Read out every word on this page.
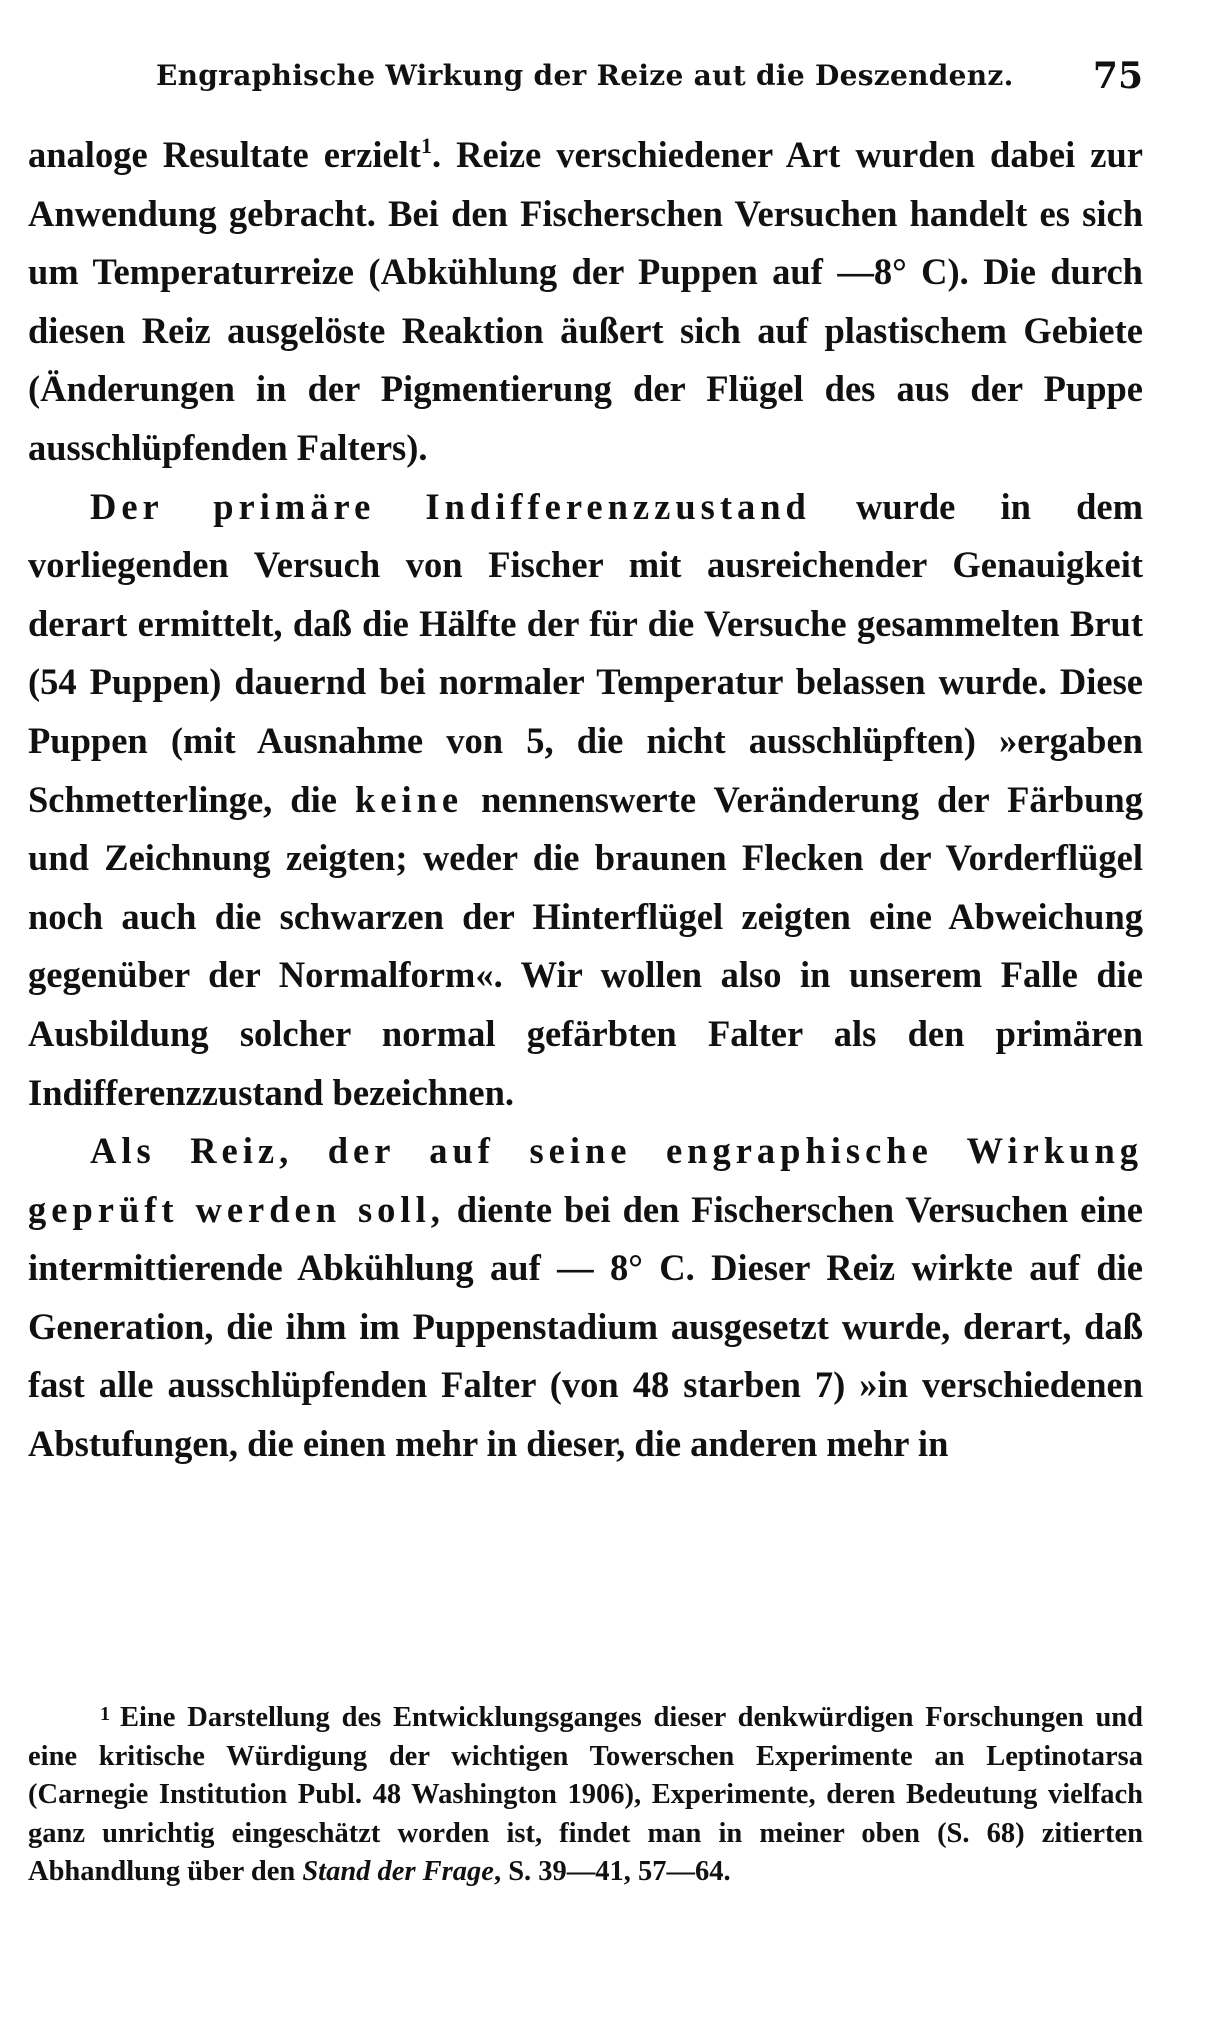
Engraphische Wirkung der Reize aut die Deszendenz. 75

analoge Resultate erzielt$^1$. Reize verschiedener Art wurden dabei zur Anwendung gebracht. Bei den Fischerschen Versuchen handelt es sich um Temperaturreize (Abkühlung der Puppen auf —8° C). Die durch diesen Reiz ausgelöste Reaktion äußert sich auf plastischem Gebiete (Änderungen in der Pigmentierung der Flügel des aus der Puppe ausschlüpfenden Falters).

Der primäre Indifferenzzustand wurde in dem vorliegenden Versuch von Fischer mit ausreichender Genauigkeit derart ermittelt, daß die Hälfte der für die Versuche gesammelten Brut (54 Puppen) dauernd bei normaler Temperatur belassen wurde. Diese Puppen (mit Ausnahme von 5, die nicht ausschlüpften) »ergaben Schmetterlinge, die keine nennenswerte Veränderung der Färbung und Zeichnung zeigten; weder die braunen Flecken der Vorderflügel noch auch die schwarzen der Hinterflügel zeigten eine Abweichung gegenüber der Normalform«. Wir wollen also in unserem Falle die Ausbildung solcher normal gefärbten Falter als den primären Indifferenzzustand bezeichnen.

Als Reiz, der auf seine engraphische Wirkung geprüft werden soll, diente bei den Fischerschen Versuchen eine intermittierende Abkühlung auf — 8° C. Dieser Reiz wirkte auf die Generation, die ihm im Puppenstadium ausgesetzt wurde, derart, daß fast alle ausschlüpfenden Falter (von 48 starben 7) »in verschiedenen Abstufungen, die einen mehr in dieser, die anderen mehr in

$^1$ Eine Darstellung des Entwicklungsganges dieser denkwürdigen Forschungen und eine kritische Würdigung der wichtigen Towerschen Experimente an Leptinotarsa (Carnegie Institution Publ. 48 Washington 1906), Experimente, deren Bedeutung vielfach ganz unrichtig eingeschätzt worden ist, findet man in meiner oben (S. 68) zitierten Abhandlung über den Stand der Frage, S. 39—41, 57—64.
